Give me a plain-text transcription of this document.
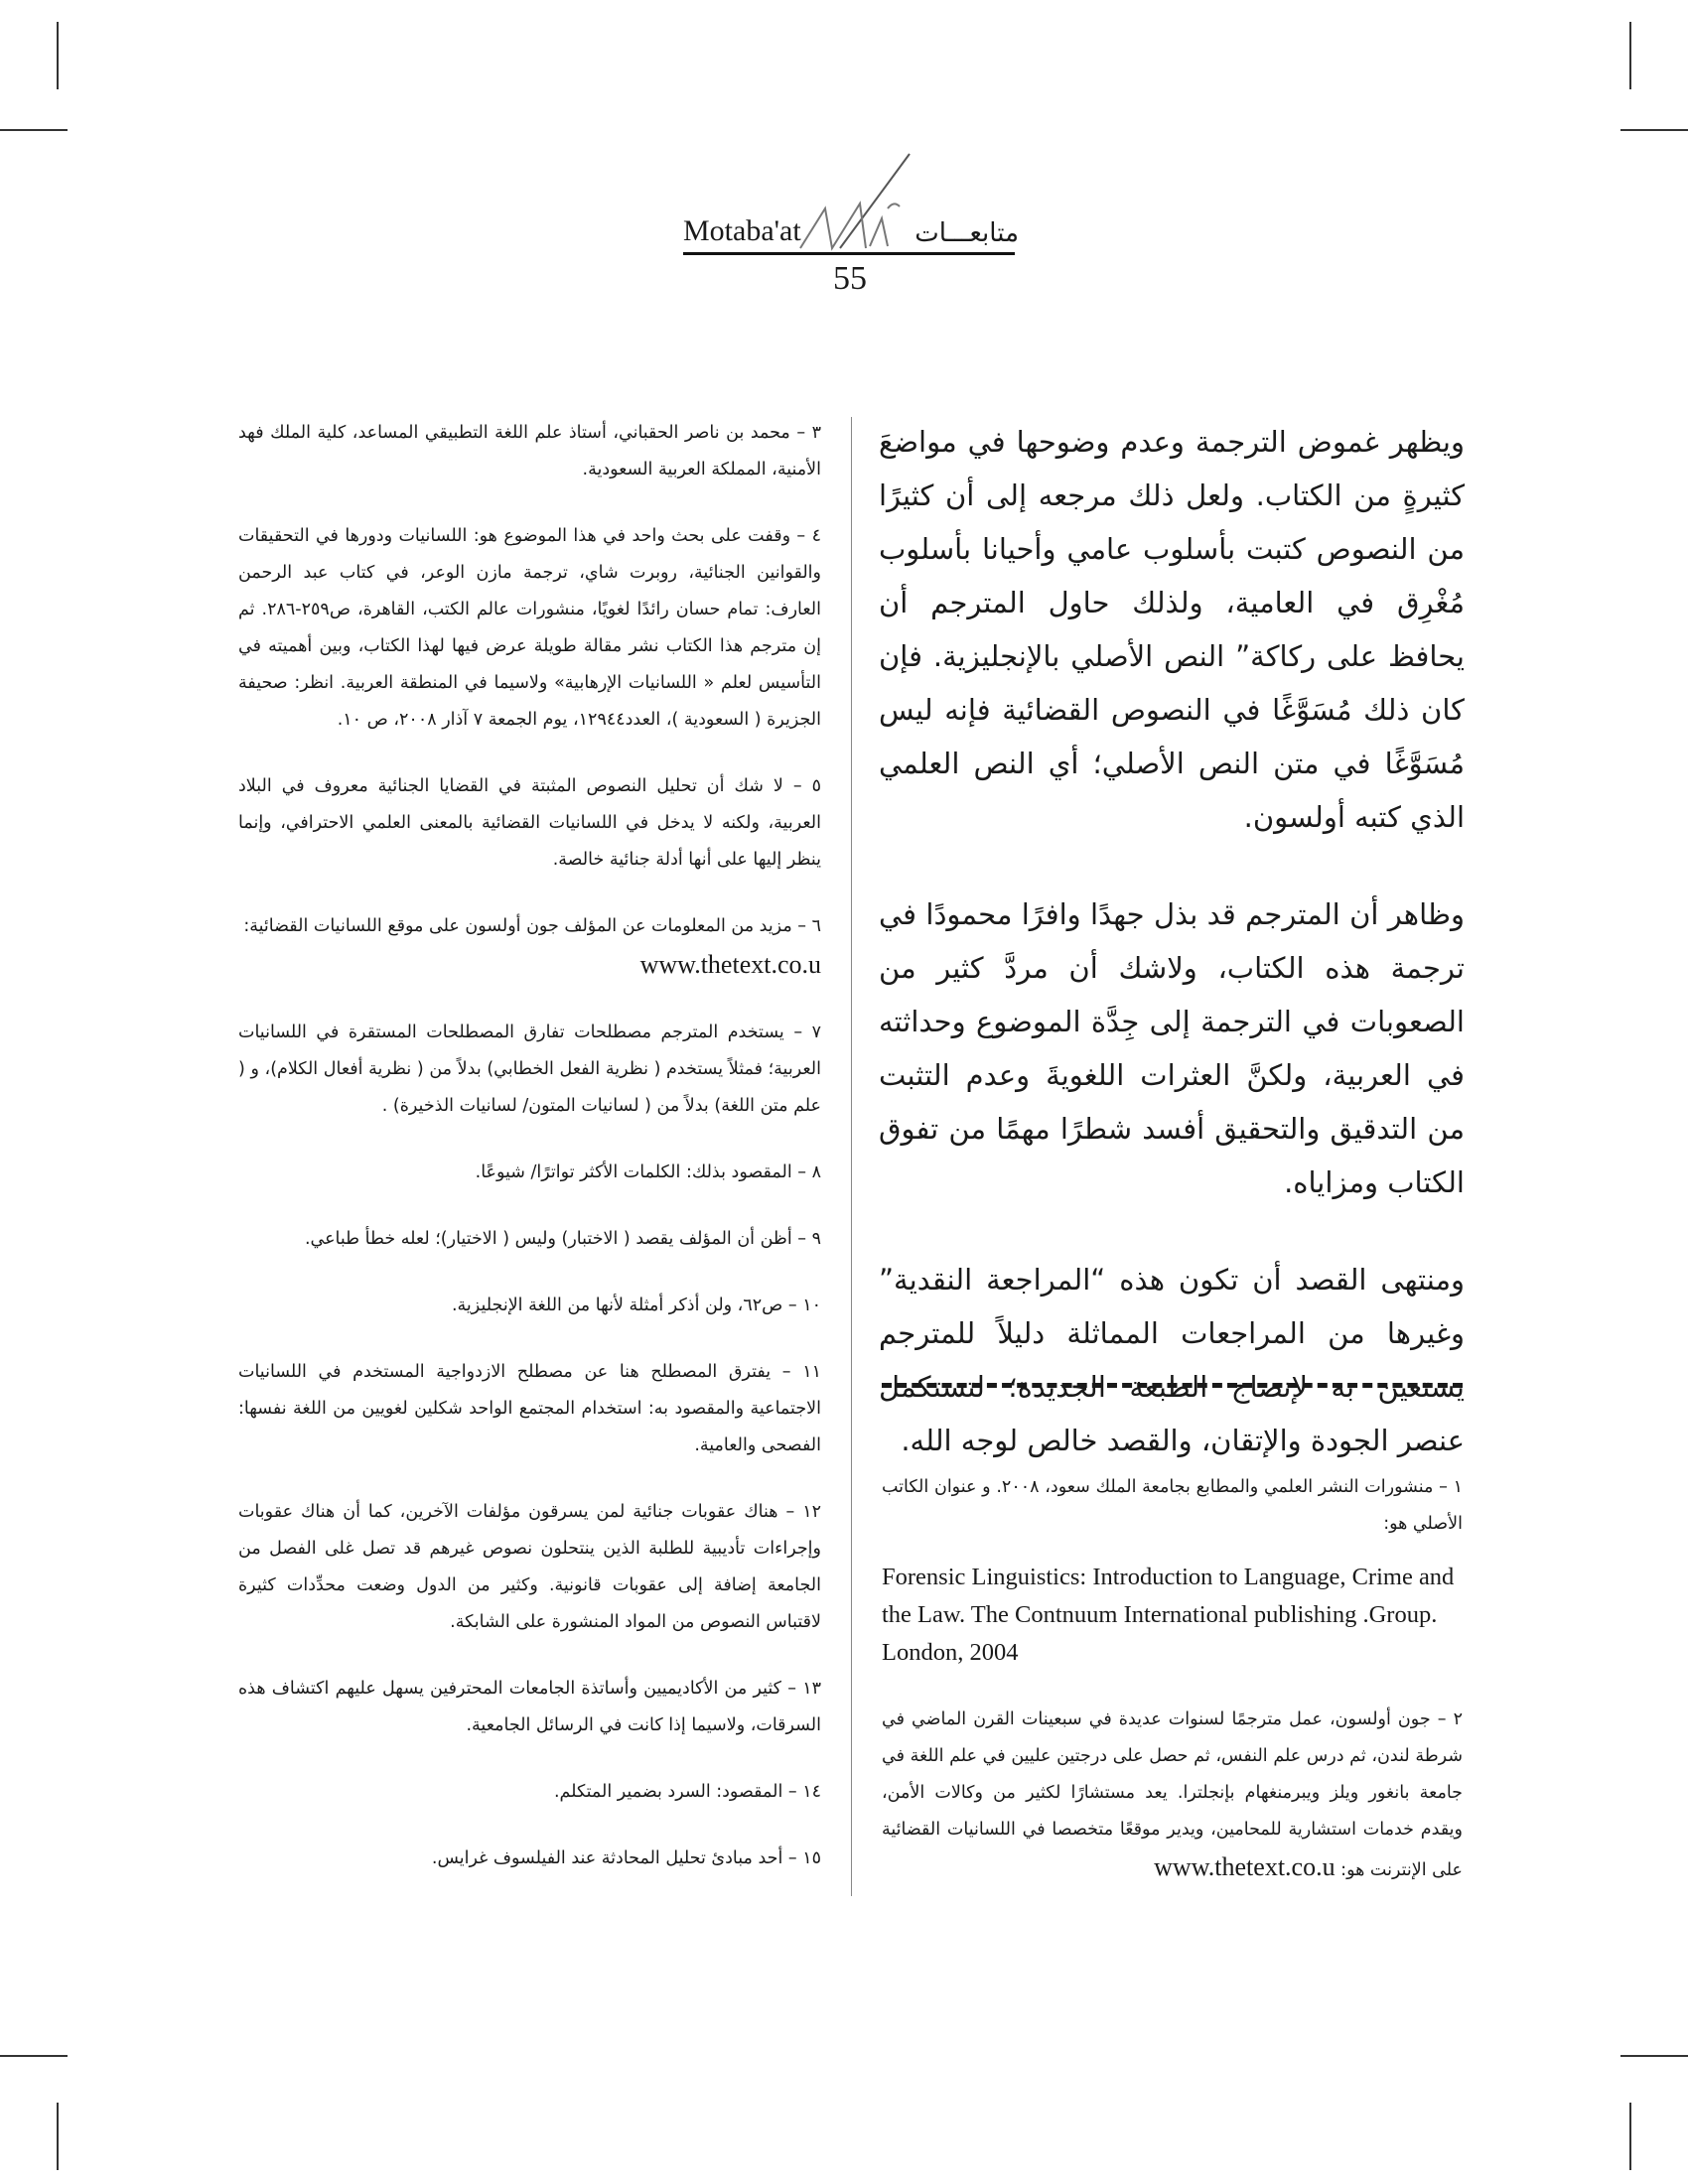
Motaba'at	متابعـــات
55

ويظهر غموض الترجمة وعدم وضوحها في مواضعَ كثيرةٍ من الكتاب. ولعل ذلك مرجعه إلى أن كثيرًا من النصوص كتبت بأسلوب عامي وأحيانا بأسلوب مُغْرِق في العامية، ولذلك حاول المترجم أن يحافظ على ركاكة” النص الأصلي بالإنجليزية. فإن كان ذلك مُسَوَّغًا في النصوص القضائية فإنه ليس مُسَوَّغًا في متن النص الأصلي؛ أي النص العلمي الذي كتبه أولسون.

وظاهر أن المترجم قد بذل جهدًا وافرًا محمودًا في ترجمة هذه الكتاب، ولاشك أن مردَّ كثير من الصعوبات في الترجمة إلى جِدَّة الموضوع وحداثته في العربية، ولكنَّ العثرات اللغويةَ وعدم التثبت من التدقيق والتحقيق أفسد شطرًا مهمًا من تفوق الكتاب ومزاياه.

ومنتهى القصد أن تكون هذه “المراجعة النقدية” وغيرها من المراجعات المماثلة دليلاً للمترجم يستعين به لإنضاج الطبعة الجديدة؛ لتستكمل عنصر الجودة والإتقان، والقصد خالص لوجه الله.

١ – منشورات النشر العلمي والمطابع بجامعة الملك سعود، ٢٠٠٨. و عنوان الكاتب الأصلي هو:

Forensic Linguistics: Introduction to Language, Crime and the Law. The Contnuum International publishing .Group. London, 2004

٢ – جون أولسون، عمل مترجمًا لسنوات عديدة في سبعينات القرن الماضي في شرطة لندن، ثم درس علم النفس، ثم حصل على درجتين عليين في علم اللغة في جامعة بانغور ويلز ويبرمنغهام بإنجلترا. يعد مستشارًا لكثير من وكالات الأمن، ويقدم خدمات استشارية للمحامين، ويدير موقعًا متخصصا في اللسانيات القضائية على الإنترنت هو: www.thetext.co.u

٣ – محمد بن ناصر الحقباني، أستاذ علم اللغة التطبيقي المساعد، كلية الملك فهد الأمنية، المملكة العربية السعودية.

٤ – وقفت على بحث واحد في هذا الموضوع هو: اللسانيات ودورها في التحقيقات والقوانين الجنائية، روبرت شاي، ترجمة مازن الوعر، في كتاب عبد الرحمن العارف: تمام حسان رائدًا لغويًا، منشورات عالم الكتب، القاهرة، ص٢٥٩-٢٨٦. ثم إن مترجم هذا الكتاب نشر مقالة طويلة عرض فيها لهذا الكتاب، وبين أهميته في التأسيس لعلم « اللسانيات الإرهابية» ولاسيما في المنطقة العربية. انظر: صحيفة الجزيرة ( السعودية )، العدد١٢٩٤٤، يوم الجمعة ٧ آذار ٢٠٠٨، ص ١٠.

٥ – لا شك أن تحليل النصوص المثبتة في القضايا الجنائية معروف في البلاد العربية، ولكنه لا يدخل في اللسانيات القضائية بالمعنى العلمي الاحترافي، وإنما ينظر إليها على أنها أدلة جنائية خالصة.

٦ – مزيد من المعلومات عن المؤلف جون أولسون على موقع اللسانيات القضائية:
www.thetext.co.u

٧ – يستخدم المترجم مصطلحات تفارق المصطلحات المستقرة في اللسانيات العربية؛ فمثلاً يستخدم ( نظرية الفعل الخطابي) بدلاً من ( نظرية أفعال الكلام)، و ( علم متن اللغة) بدلاً من ( لسانيات المتون/ لسانيات الذخيرة) .

٨ – المقصود بذلك: الكلمات الأكثر تواترًا/ شيوعًا.

٩ – أظن أن المؤلف يقصد ( الاختبار) وليس ( الاختيار)؛ لعله خطأ طباعي.

١٠ – ص٦٢، ولن أذكر أمثلة لأنها من اللغة الإنجليزية.

١١ – يفترق المصطلح هنا عن مصطلح الازدواجية المستخدم في اللسانيات الاجتماعية والمقصود به: استخدام المجتمع الواحد شكلين لغويين من اللغة نفسها: الفصحى والعامية.

١٢ – هناك عقوبات جنائية لمن يسرقون مؤلفات الآخرين، كما أن هناك عقوبات وإجراءات تأديبية للطلبة الذين ينتحلون نصوص غيرهم قد تصل غلى الفصل من الجامعة إضافة إلى عقوبات قانونية. وكثير من الدول وضعت محدِّدات كثيرة لاقتباس النصوص من المواد المنشورة على الشابكة.

١٣ – كثير من الأكاديميين وأساتذة الجامعات المحترفين يسهل عليهم اكتشاف هذه السرقات، ولاسيما إذا كانت في الرسائل الجامعية.

١٤ – المقصود: السرد بضمير المتكلم.

١٥ – أحد مبادئ تحليل المحادثة عند الفيلسوف غرايس.
